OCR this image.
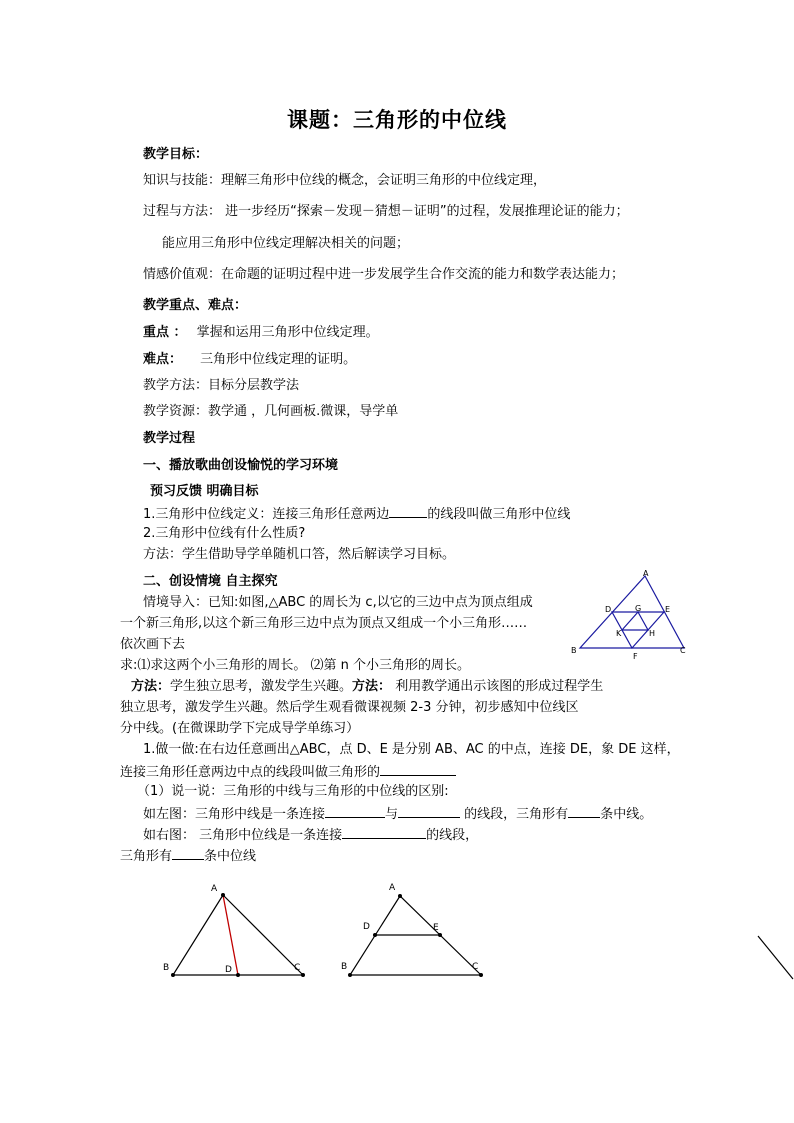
课题：三角形的中位线
教学目标：
知识与技能：理解三角形中位线的概念，会证明三角形的中位线定理，
过程与方法： 进一步经历“探索－发现－猜想－证明”的过程，发展推理论证的能力；
能应用三角形中位线定理解决相关的问题；
情感价值观：在命题的证明过程中进一步发展学生合作交流的能力和数学表达能力；
教学重点、难点：
重点 ： 掌握和运用三角形中位线定理。
难点： 三角形中位线定理的证明。
教学方法：目标分层教学法
教学资源：教学通 ，几何画板.微课，导学单
教学过程
一、播放歌曲创设愉悦的学习环境
预习反馈 明确目标
1.三角形中位线定义：连接三角形任意两边	的线段叫做三角形中位线
2.三角形中位线有什么性质?
方法：学生借助导学单随机口答，然后解读学习目标。
二、创设情境 自主探究
情境导入：已知:如图,△ABC 的周长为 c,以它的三边中点为顶点组成
一个新三角形,以这个新三角形三边中点为顶点又组成一个小三角形……
依次画下去
求:⑴求这两个小三角形的周长。 ⑵第 n 个小三角形的周长。
方法：学生独立思考，激发学生兴趣。方法： 利用教学通出示该图的形成过程学生
独立思考，激发学生兴趣。然后学生观看微课视频 2-3 分钟，初步感知中位线区
分中线。(在微课助学下完成导学单练习）
1.做一做:在右边任意画出△ABC，点 D、E 是分别 AB、AC 的中点，连接 DE，象 DE 这样，
连接三角形任意两边中点的线段叫做三角形的
（1）说一说：三角形的中线与三角形的中位线的区别:
如左图：三角形中线是一条连接	与	的线段，三角形有 条中线。
如右图： 三角形中位线是一条连接	的线段，
三角形有 条中位线
A
B	C
D	E
F
G
H
K
A
B	D	C
A
B	C
D	E
